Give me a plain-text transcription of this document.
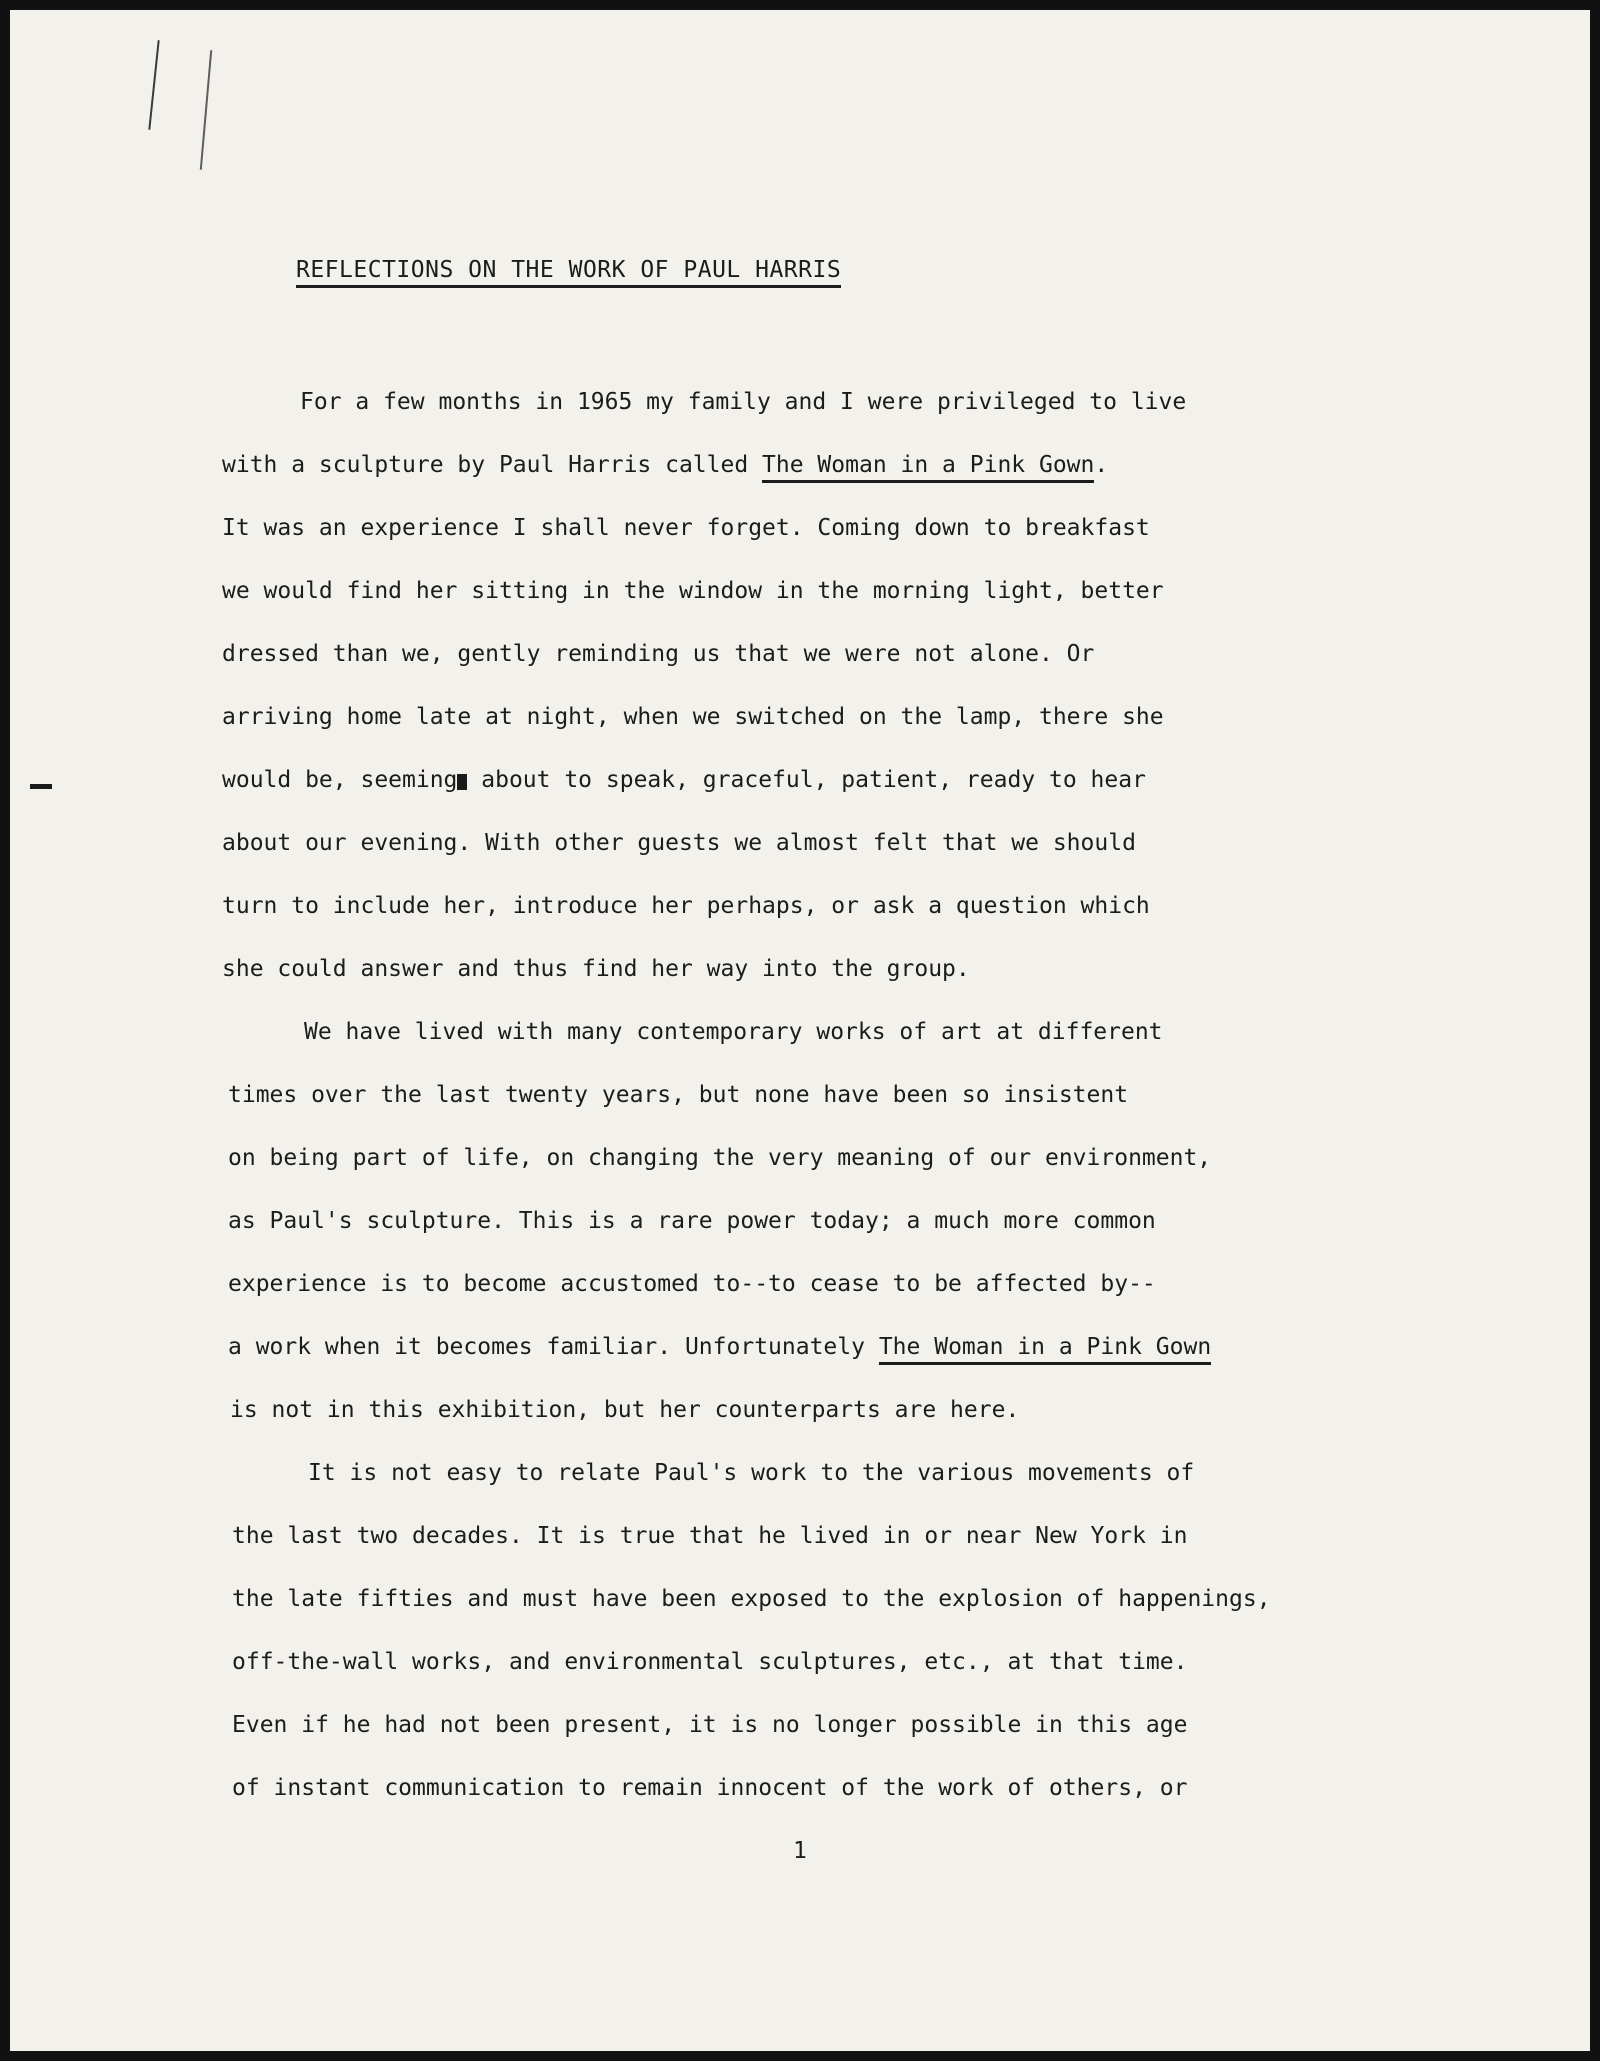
REFLECTIONS ON THE WORK OF PAUL HARRIS
For a few months in 1965 my family and I were privileged to live
with a sculpture by Paul Harris called The Woman in a Pink Gown.
It was an experience I shall never forget. Coming down to breakfast
we would find her sitting in the window in the morning light, better
dressed than we, gently reminding us that we were not alone. Or
arriving home late at night, when we switched on the lamp, there she
would be, seeming about to speak, graceful, patient, ready to hear
about our evening. With other guests we almost felt that we should
turn to include her, introduce her perhaps, or ask a question which
she could answer and thus find her way into the group.
We have lived with many contemporary works of art at different
times over the last twenty years, but none have been so insistent
on being part of life, on changing the very meaning of our environment,
as Paul's sculpture. This is a rare power today; a much more common
experience is to become accustomed to--to cease to be affected by--
a work when it becomes familiar. Unfortunately The Woman in a Pink Gown
is not in this exhibition, but her counterparts are here.
It is not easy to relate Paul's work to the various movements of
the last two decades. It is true that he lived in or near New York in
the late fifties and must have been exposed to the explosion of happenings,
off-the-wall works, and environmental sculptures, etc., at that time.
Even if he had not been present, it is no longer possible in this age
of instant communication to remain innocent of the work of others, or
1
